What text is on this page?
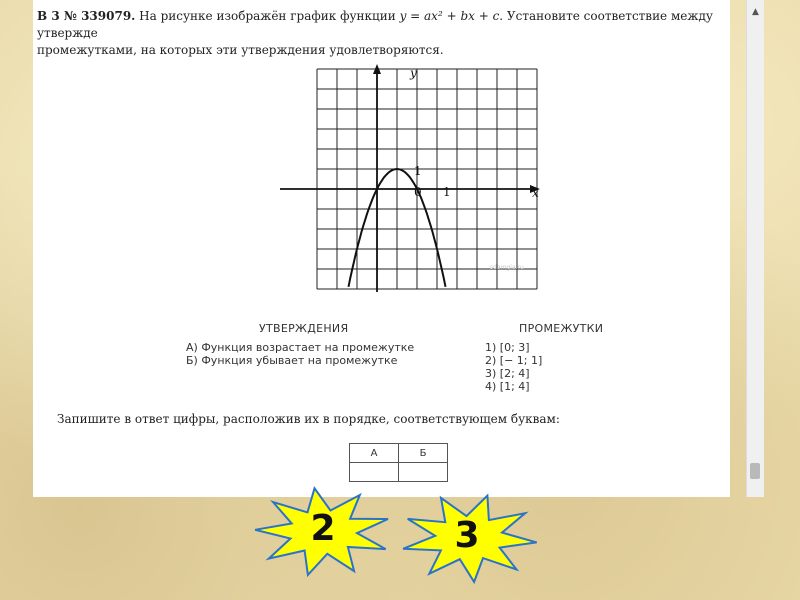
В 3 № 339079. На рисунке изображён график функции y = ax² + bx + c. Установите соответствие между утвержде
промежутками, на которых эти утверждения удовлетворяются.
y
x
1
0 1
sdamgia.ru
УТВЕРЖДЕНИЯ	ПРОМЕЖУТКИ
А) Функция возрастает на промежутке
Б) Функция убывает на промежутке
1) [0; 3]
2) [− 1; 1]
3) [2; 4]
4) [1; 4]
Запишите в ответ цифры, расположив их в порядке, соответствующем буквам:
А	Б

▲
2	3
